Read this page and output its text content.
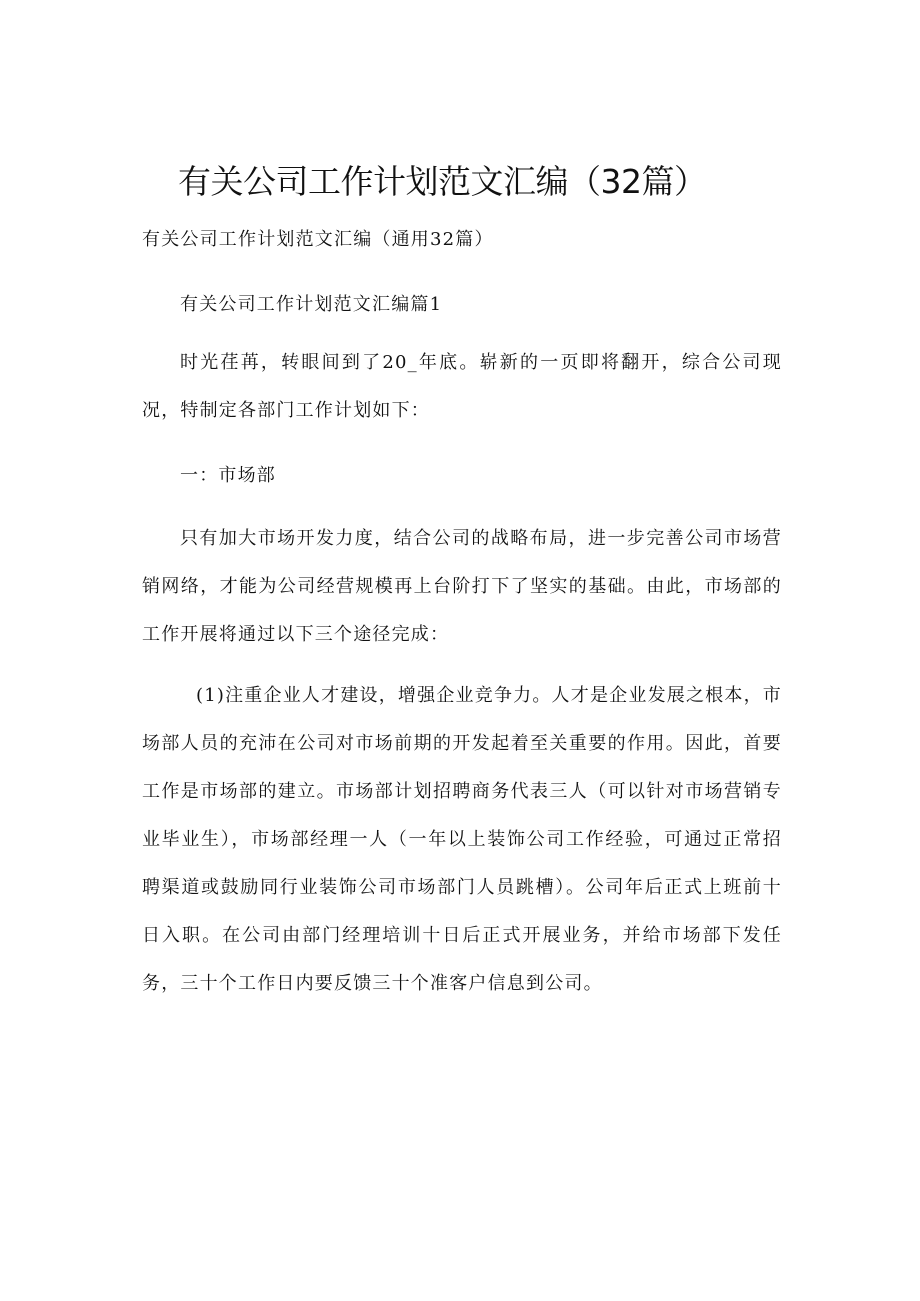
有关公司工作计划范文汇编（32篇）

有关公司工作计划范文汇编（通用32篇）

有关公司工作计划范文汇编篇1

时光荏苒，转眼间到了20_年底。崭新的一页即将翻开，综合公司现况，特制定各部门工作计划如下：

一：市场部

只有加大市场开发力度，结合公司的战略布局，进一步完善公司市场营销网络，才能为公司经营规模再上台阶打下了坚实的基础。由此，市场部的工作开展将通过以下三个途径完成：

(1)注重企业人才建设，增强企业竞争力。人才是企业发展之根本，市场部人员的充沛在公司对市场前期的开发起着至关重要的作用。因此，首要工作是市场部的建立。市场部计划招聘商务代表三人（可以针对市场营销专业毕业生），市场部经理一人（一年以上装饰公司工作经验，可通过正常招聘渠道或鼓励同行业装饰公司市场部门人员跳槽）。公司年后正式上班前十日入职。在公司由部门经理培训十日后正式开展业务，并给市场部下发任务，三十个工作日内要反馈三十个准客户信息到公司。
